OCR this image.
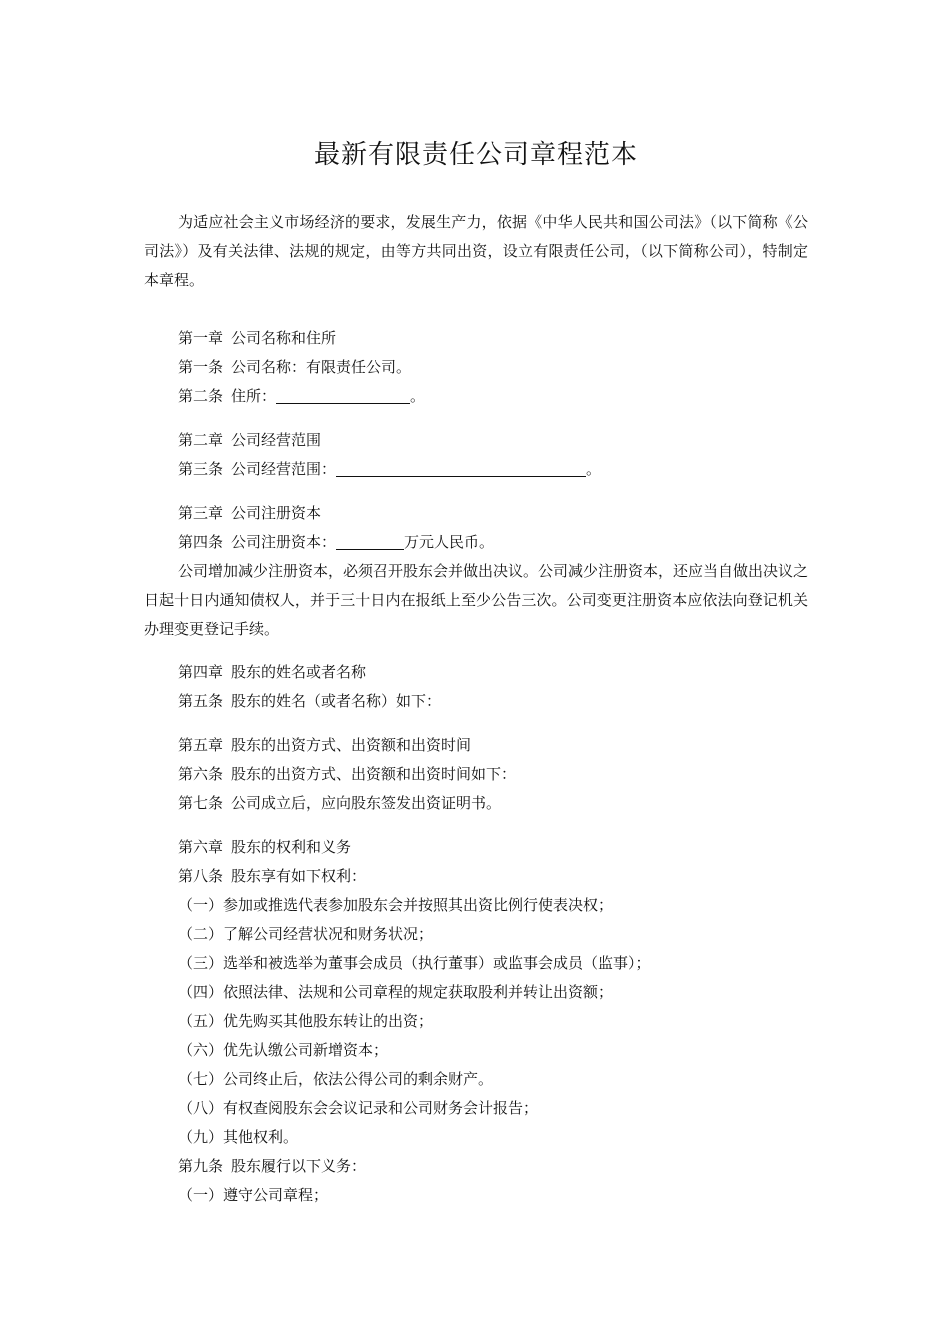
最新有限责任公司章程范本

为适应社会主义市场经济的要求，发展生产力，依据《中华人民共和国公司法》（以下简称《公司法》）及有关法律、法规的规定，由等方共同出资，设立有限责任公司，（以下简称公司），特制定本章程。

第一章 公司名称和住所

第一条 公司名称：有限责任公司。

第二条 住所：	。

第二章 公司经营范围

第三条 公司经营范围：	。

第三章 公司注册资本

第四条 公司注册资本：	万元人民币。

公司增加减少注册资本，必须召开股东会并做出决议。公司减少注册资本，还应当自做出决议之日起十日内通知债权人，并于三十日内在报纸上至少公告三次。公司变更注册资本应依法向登记机关办理变更登记手续。

第四章 股东的姓名或者名称

第五条 股东的姓名（或者名称）如下：

第五章 股东的出资方式、出资额和出资时间

第六条 股东的出资方式、出资额和出资时间如下：

第七条 公司成立后，应向股东签发出资证明书。

第六章 股东的权利和义务

第八条 股东享有如下权利：

（一）参加或推选代表参加股东会并按照其出资比例行使表决权；

（二）了解公司经营状况和财务状况；

（三）选举和被选举为董事会成员（执行董事）或监事会成员（监事）；

（四）依照法律、法规和公司章程的规定获取股利并转让出资额；

（五）优先购买其他股东转让的出资；

（六）优先认缴公司新增资本；

（七）公司终止后，依法公得公司的剩余财产。

（八）有权查阅股东会会议记录和公司财务会计报告；

（九）其他权利。

第九条 股东履行以下义务：

（一）遵守公司章程；
